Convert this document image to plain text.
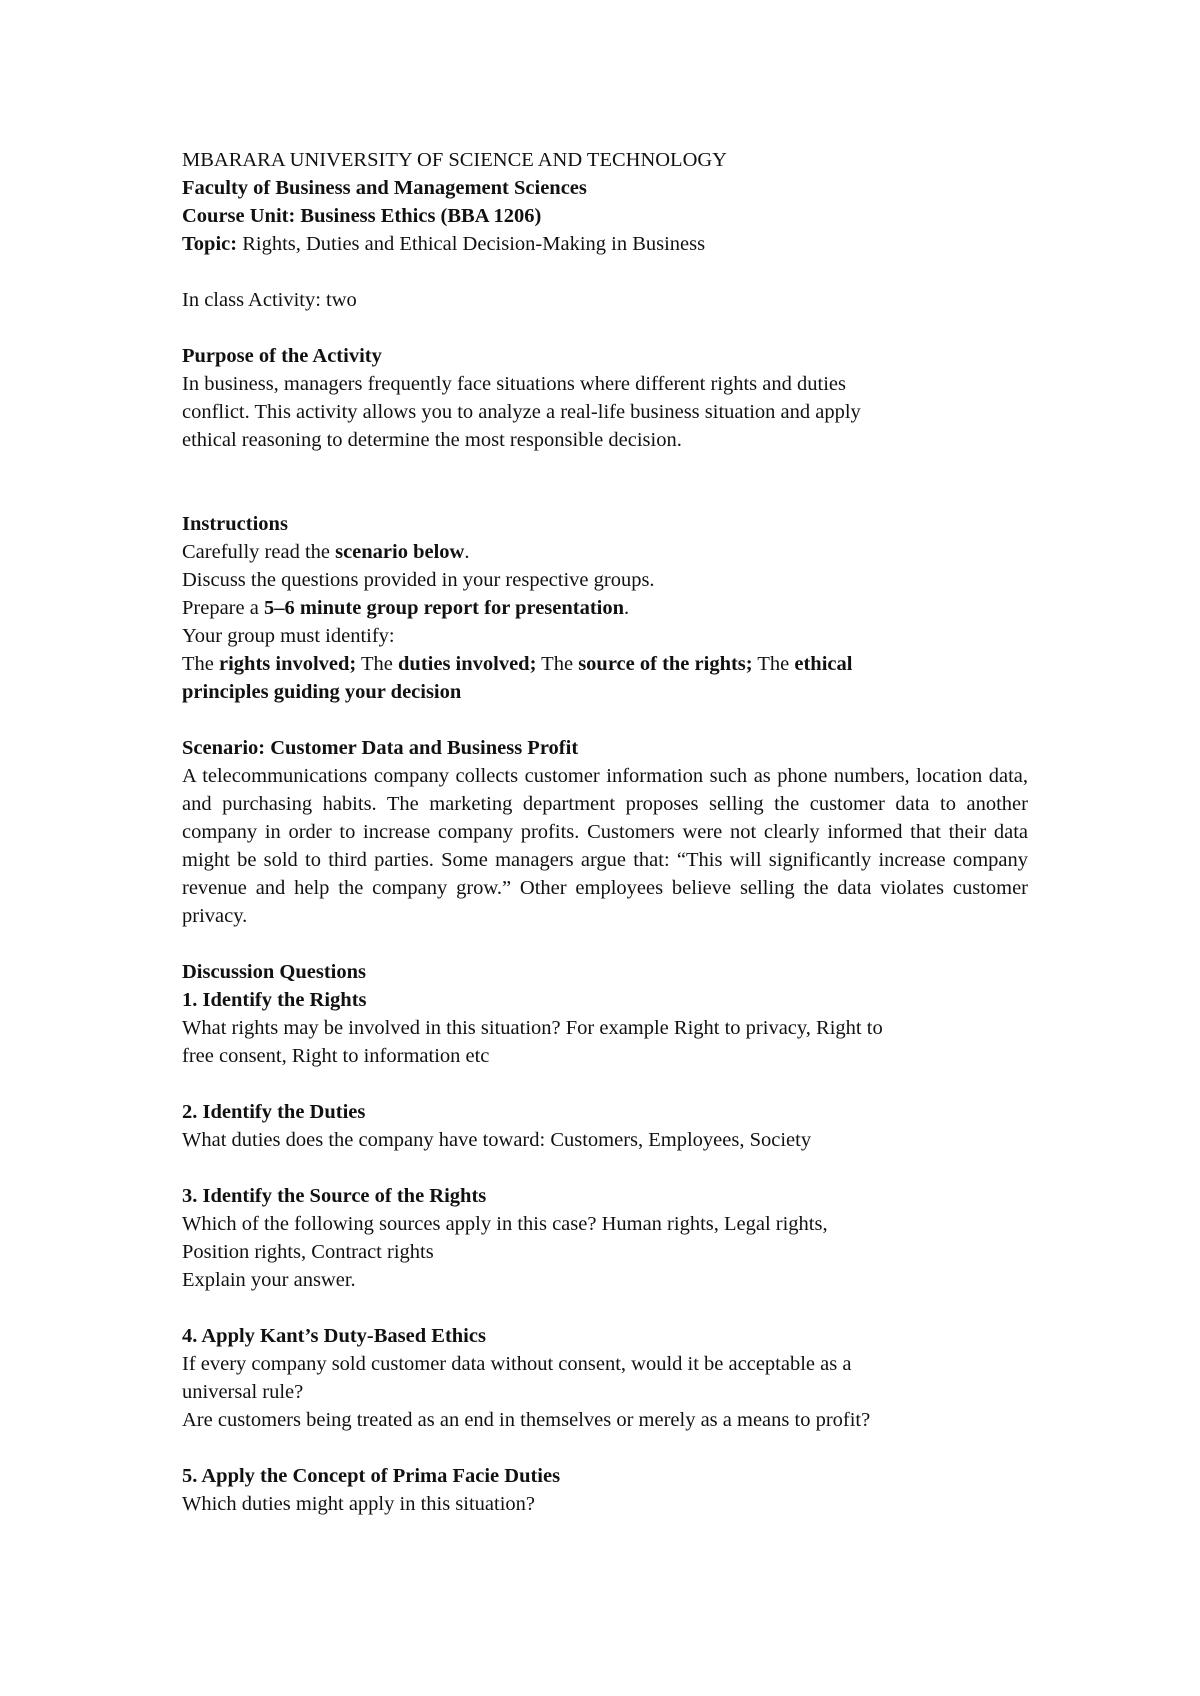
MBARARA UNIVERSITY OF SCIENCE AND TECHNOLOGY
Faculty of Business and Management Sciences
Course Unit: Business Ethics (BBA 1206)
Topic: Rights, Duties and Ethical Decision-Making in Business
In class Activity: two
Purpose of the Activity
In business, managers frequently face situations where different rights and duties
conflict. This activity allows you to analyze a real-life business situation and apply
ethical reasoning to determine the most responsible decision.
Instructions
Carefully read the scenario below.
Discuss the questions provided in your respective groups.
Prepare a 5–6 minute group report for presentation.
Your group must identify:
The rights involved; The duties involved; The source of the rights; The ethical
principles guiding your decision
Scenario: Customer Data and Business Profit
A telecommunications company collects customer information such as phone numbers, location data, and purchasing habits. The marketing department proposes selling the customer data to another company in order to increase company profits. Customers were not clearly informed that their data might be sold to third parties. Some managers argue that: “This will significantly increase company revenue and help the company grow.” Other employees believe selling the data violates customer privacy.
Discussion Questions
1. Identify the Rights
What rights may be involved in this situation? For example Right to privacy, Right to
free consent, Right to information etc
2. Identify the Duties
What duties does the company have toward: Customers, Employees, Society
3. Identify the Source of the Rights
Which of the following sources apply in this case? Human rights, Legal rights,
Position rights, Contract rights
Explain your answer.
4. Apply Kant’s Duty-Based Ethics
If every company sold customer data without consent, would it be acceptable as a
universal rule?
Are customers being treated as an end in themselves or merely as a means to profit?
5. Apply the Concept of Prima Facie Duties
Which duties might apply in this situation?
